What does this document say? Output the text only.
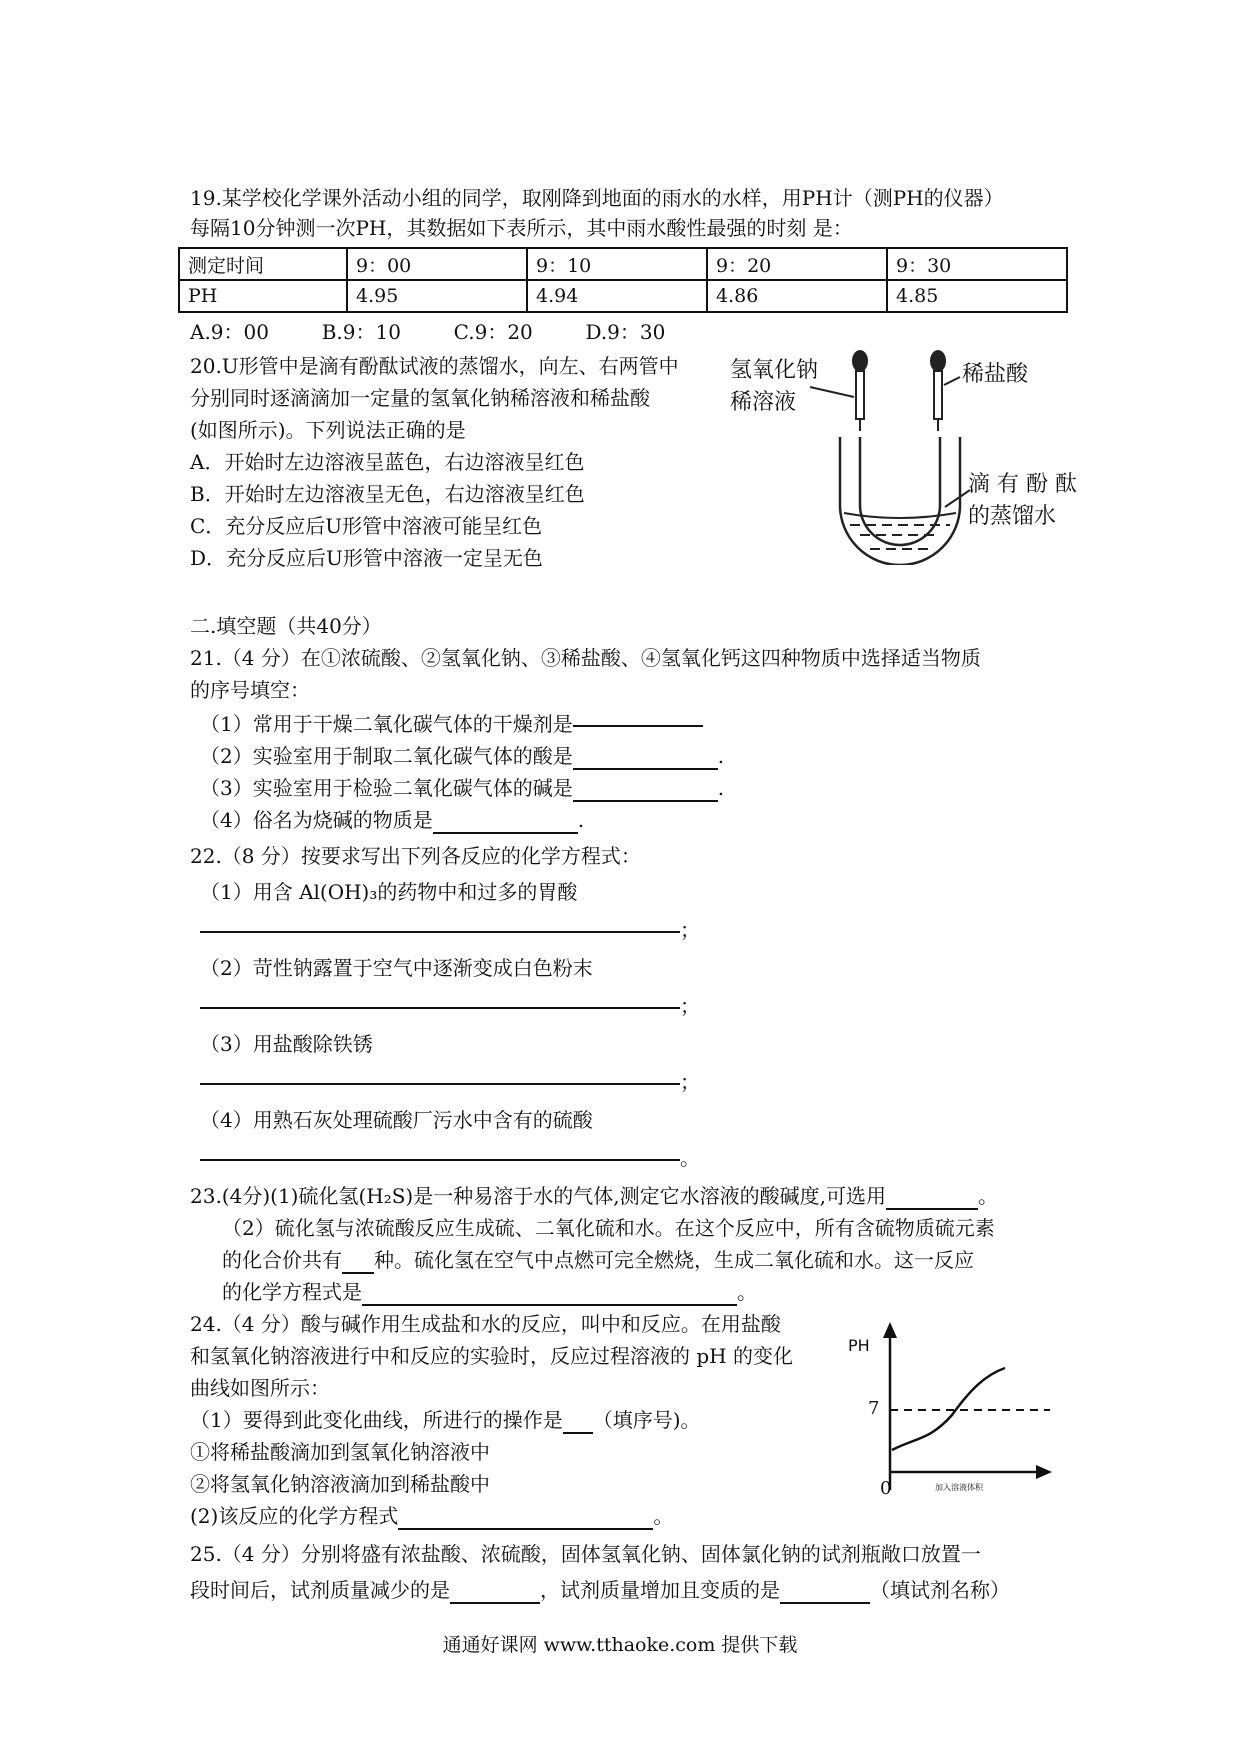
19.某学校化学课外活动小组的同学，取刚降到地面的雨水的水样，用PH计（测PH的仪器）
每隔10分钟测一次PH，其数据如下表所示，其中雨水酸性最强的时刻 是：
测定时间	9：00	9：10	9：20	9：30
PH	4.95	4.94	4.86	4.85
A.9：00	B.9：10	C.9：20	D.9：30
20.U形管中是滴有酚酞试液的蒸馏水，向左、右两管中
分别同时逐滴滴加一定量的氢氧化钠稀溶液和稀盐酸
(如图所示)。下列说法正确的是
A．开始时左边溶液呈蓝色，右边溶液呈红色
B．开始时左边溶液呈无色，右边溶液呈红色
C．充分反应后U形管中溶液可能呈红色
D．充分反应后U形管中溶液一定呈无色
氢氧化钠
稀溶液
稀盐酸
滴 有 酚 酞
的蒸馏水
二.填空题（共40分）
21.（4 分）在①浓硫酸、②氢氧化钠、③稀盐酸、④氢氧化钙这四种物质中选择适当物质
的序号填空：
（1）常用于干燥二氧化碳气体的干燥剂是
（2）实验室用于制取二氧化碳气体的酸是	.
（3）实验室用于检验二氧化碳气体的碱是	.
（4）俗名为烧碱的物质是	.
22.（8 分）按要求写出下列各反应的化学方程式：
（1）用含 Al(OH)₃的药物中和过多的胃酸
；
（2）苛性钠露置于空气中逐渐变成白色粉末
；
（3）用盐酸除铁锈
；
（4）用熟石灰处理硫酸厂污水中含有的硫酸
。
23.(4分)(1)硫化氢(H₂S)是一种易溶于水的气体,测定它水溶液的酸碱度,可选用	。
（2）硫化氢与浓硫酸反应生成硫、二氧化硫和水。在这个反应中，所有含硫物质硫元素
的化合价共有 种。硫化氢在空气中点燃可完全燃烧，生成二氧化硫和水。这一反应
的化学方程式是	。
24.（4 分）酸与碱作用生成盐和水的反应，叫中和反应。在用盐酸
和氢氧化钠溶液进行中和反应的实验时，反应过程溶液的 pH 的变化
曲线如图所示：
（1）要得到此变化曲线，所进行的操作是 （填序号)。
①将稀盐酸滴加到氢氧化钠溶液中
②将氢氧化钠溶液滴加到稀盐酸中
(2)该反应的化学方程式	。
PH
7
0	加入溶液体积
25.（4 分）分别将盛有浓盐酸、浓硫酸，固体氢氧化钠、固体氯化钠的试剂瓶敞口放置一
段时间后，试剂质量减少的是	，试剂质量增加且变质的是	（填试剂名称）
通通好课网 www.tthaoke.com 提供下载
